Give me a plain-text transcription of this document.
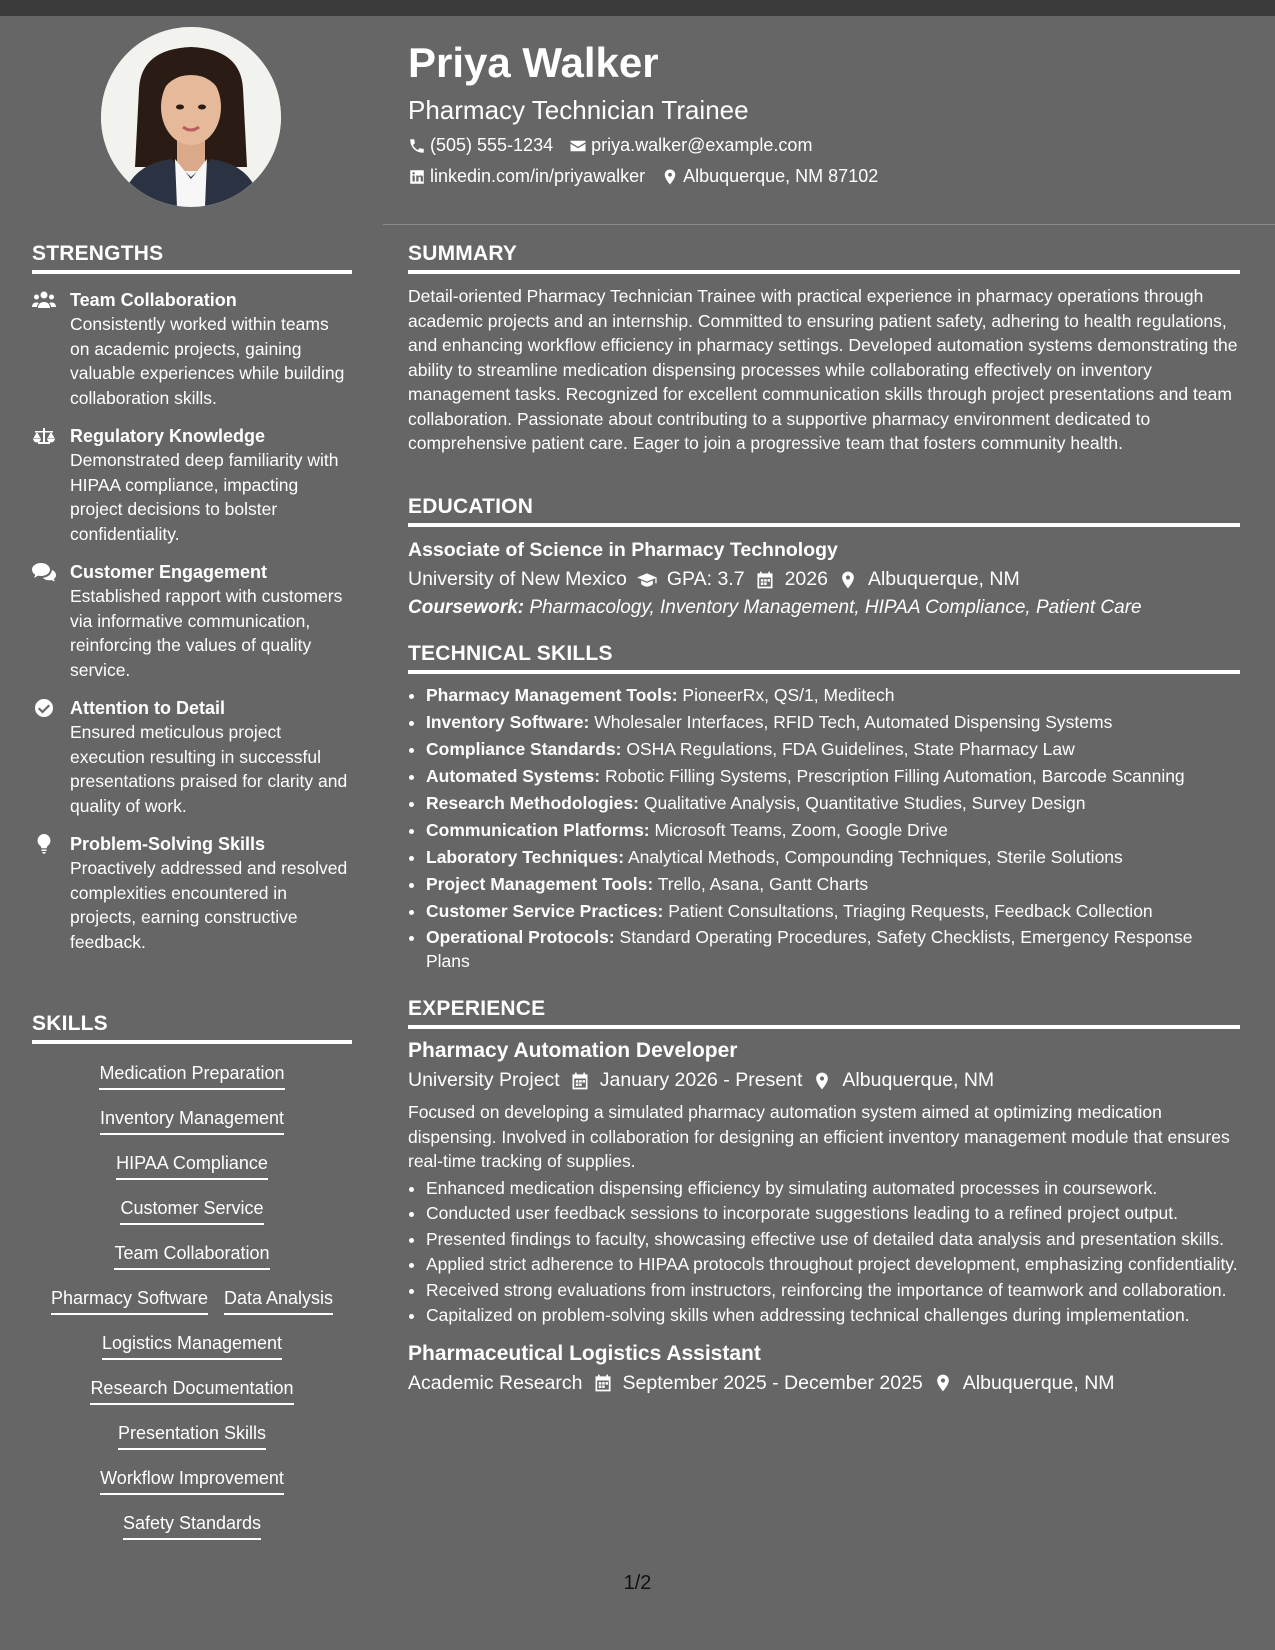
Priya Walker
Pharmacy Technician Trainee
(505) 555-1234 priya.walker@example.com
linkedin.com/in/priyawalker Albuquerque, NM 87102
STRENGTHS
Team Collaboration
Consistently worked within teams on academic projects, gaining valuable experiences while building collaboration skills.
Regulatory Knowledge
Demonstrated deep familiarity with HIPAA compliance, impacting project decisions to bolster confidentiality.
Customer Engagement
Established rapport with customers via informative communication, reinforcing the values of quality service.
Attention to Detail
Ensured meticulous project execution resulting in successful presentations praised for clarity and quality of work.
Problem-Solving Skills
Proactively addressed and resolved complexities encountered in projects, earning constructive feedback.
SKILLS
Medication Preparation
Inventory Management
HIPAA Compliance
Customer Service
Team Collaboration
Pharmacy Software Data Analysis
Logistics Management
Research Documentation
Presentation Skills
Workflow Improvement
Safety Standards
SUMMARY

Detail-oriented Pharmacy Technician Trainee with practical experience in pharmacy operations through academic projects and an internship. Committed to ensuring patient safety, adhering to health regulations, and enhancing workflow efficiency in pharmacy settings. Developed automation systems demonstrating the ability to streamline medication dispensing processes while collaborating effectively on inventory management tasks. Recognized for excellent communication skills through project presentations and team collaboration. Passionate about contributing to a supportive pharmacy environment dedicated to comprehensive patient care. Eager to join a progressive team that fosters community health.

EDUCATION
Associate of Science in Pharmacy Technology
University of New Mexico GPA: 3.7 2026 Albuquerque, NM
Coursework: Pharmacology, Inventory Management, HIPAA Compliance, Patient Care
TECHNICAL SKILLS
• Pharmacy Management Tools: PioneerRx, QS/1, Meditech
• Inventory Software: Wholesaler Interfaces, RFID Tech, Automated Dispensing Systems
• Compliance Standards: OSHA Regulations, FDA Guidelines, State Pharmacy Law
• Automated Systems: Robotic Filling Systems, Prescription Filling Automation, Barcode Scanning
• Research Methodologies: Qualitative Analysis, Quantitative Studies, Survey Design
• Communication Platforms: Microsoft Teams, Zoom, Google Drive
• Laboratory Techniques: Analytical Methods, Compounding Techniques, Sterile Solutions
• Project Management Tools: Trello, Asana, Gantt Charts
• Customer Service Practices: Patient Consultations, Triaging Requests, Feedback Collection
• Operational Protocols: Standard Operating Procedures, Safety Checklists, Emergency Response Plans
EXPERIENCE
Pharmacy Automation Developer
University Project January 2026 - Present Albuquerque, NM
Focused on developing a simulated pharmacy automation system aimed at optimizing medication dispensing. Involved in collaboration for designing an efficient inventory management module that ensures real-time tracking of supplies.
• Enhanced medication dispensing efficiency by simulating automated processes in coursework.
• Conducted user feedback sessions to incorporate suggestions leading to a refined project output.
• Presented findings to faculty, showcasing effective use of detailed data analysis and presentation skills.
• Applied strict adherence to HIPAA protocols throughout project development, emphasizing confidentiality.
• Received strong evaluations from instructors, reinforcing the importance of teamwork and collaboration.
• Capitalized on problem-solving skills when addressing technical challenges during implementation.
Pharmaceutical Logistics Assistant
Academic Research September 2025 - December 2025 Albuquerque, NM
1/2
